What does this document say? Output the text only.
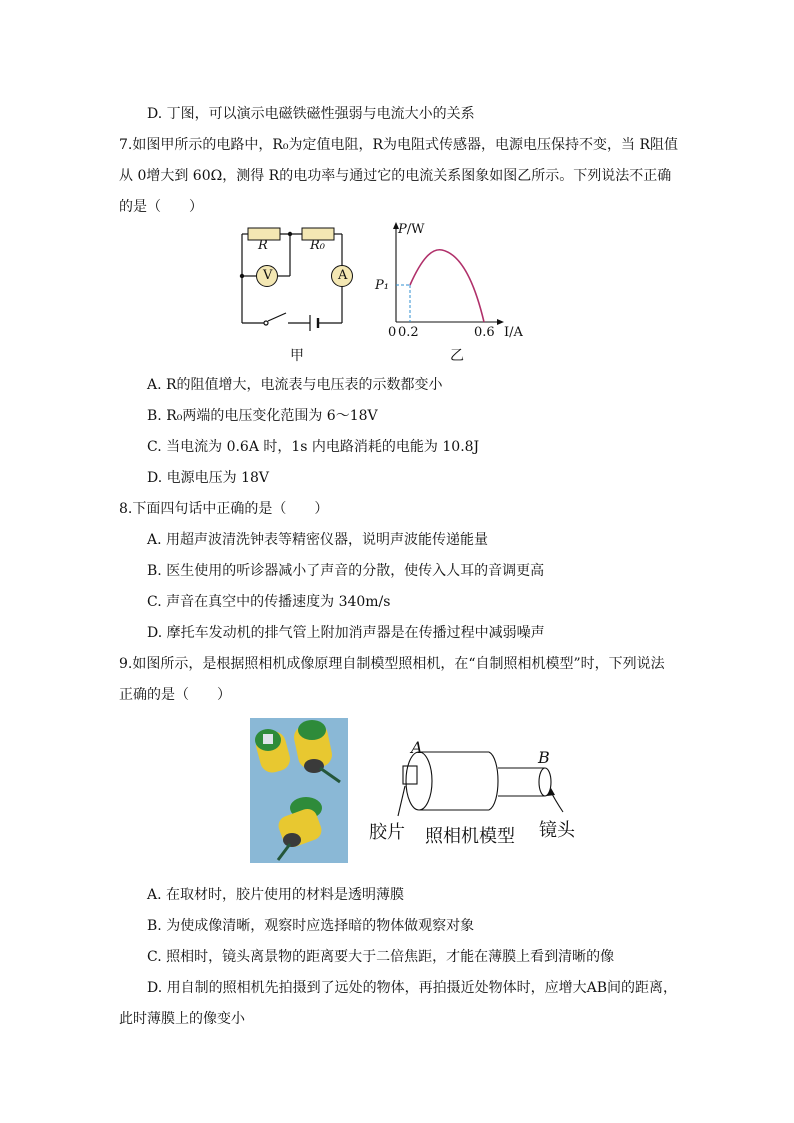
D. 丁图，可以演示电磁铁磁性强弱与电流大小的关系
7.如图甲所示的电路中，R₀为定值电阻，R为电阻式传感器，电源电压保持不变，当 R阻值
从 0增大到 60Ω，测得 R的电功率与通过它的电流关系图象如图乙所示。下列说法不正确
的是（　　）
R	R₀
V	A
甲
P/W
P₁
0 0.2	0.6 I/A
乙
A. R的阻值增大，电流表与电压表的示数都变小
B. R₀两端的电压变化范围为 6～18V
C. 当电流为 0.6A 时，1s 内电路消耗的电能为 10.8J
D. 电源电压为 18V
8.下面四句话中正确的是（　　）
A. 用超声波清洗钟表等精密仪器，说明声波能传递能量
B. 医生使用的听诊器减小了声音的分散，使传入人耳的音调更高
C. 声音在真空中的传播速度为 340m/s
D. 摩托车发动机的排气管上附加消声器是在传播过程中减弱噪声
9.如图所示，是根据照相机成像原理自制模型照相机，在“自制照相机模型”时，下列说法
正确的是（　　）
A
B
胶片 照相机模型 镜头
A. 在取材时，胶片使用的材料是透明薄膜
B. 为使成像清晰，观察时应选择暗的物体做观察对象
C. 照相时，镜头离景物的距离要大于二倍焦距，才能在薄膜上看到清晰的像
D. 用自制的照相机先拍摄到了远处的物体，再拍摄近处物体时，应增大AB间的距离，
此时薄膜上的像变小
